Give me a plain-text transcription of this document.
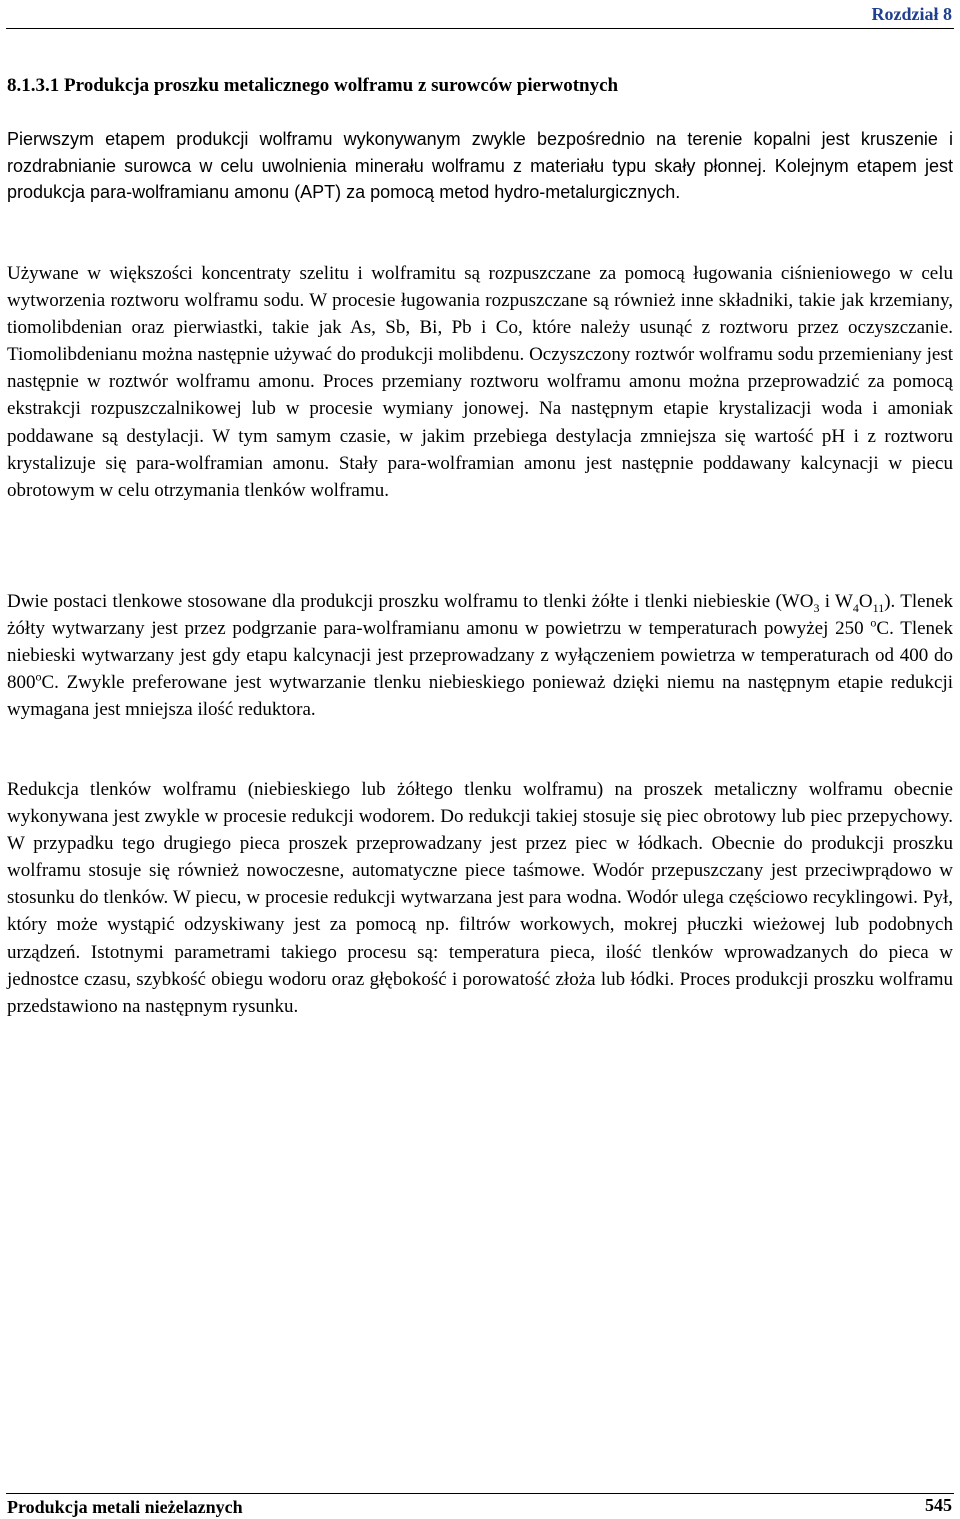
Rozdział 8
8.1.3.1 Produkcja proszku metalicznego wolframu z surowców pierwotnych

Pierwszym etapem produkcji wolframu wykonywanym zwykle bezpośrednio na terenie kopalni jest kruszenie i rozdrabnianie surowca w celu uwolnienia minerału wolframu z materiału typu skały płonnej. Kolejnym etapem jest produkcja para-wolframianu amonu (APT) za pomocą metod hydro-metalurgicznych.

Używane w większości koncentraty szelitu i wolframitu są rozpuszczane za pomocą ługowania ciśnieniowego w celu wytworzenia roztworu wolframu sodu. W procesie ługowania rozpuszczane są również inne składniki, takie jak krzemiany, tiomolibdenian oraz pierwiastki, takie jak As, Sb, Bi, Pb i Co, które należy usunąć z roztworu przez oczyszczanie. Tiomolibdenianu można następnie używać do produkcji molibdenu. Oczyszczony roztwór wolframu sodu przemieniany jest następnie w roztwór wolframu amonu. Proces przemiany roztworu wolframu amonu można przeprowadzić za pomocą ekstrakcji rozpuszczalnikowej lub w procesie wymiany jonowej. Na następnym etapie krystalizacji woda i amoniak poddawane są destylacji. W tym samym czasie, w jakim przebiega destylacja zmniejsza się wartość pH i z roztworu krystalizuje się para-wolframian amonu. Stały para-wolframian amonu jest następnie poddawany kalcynacji w piecu obrotowym w celu otrzymania tlenków wolframu.

Dwie postaci tlenkowe stosowane dla produkcji proszku wolframu to tlenki żółte i tlenki niebieskie ($WO_3$ i $W_4O_{11}$). Tlenek żółty wytwarzany jest przez podgrzanie para-wolframianu amonu w powietrzu w temperaturach powyżej 250 $^o$C. Tlenek niebieski wytwarzany jest gdy etapu kalcynacji jest przeprowadzany z wyłączeniem powietrza w temperaturach od 400 do 800$^o$C. Zwykle preferowane jest wytwarzanie tlenku niebieskiego ponieważ dzięki niemu na następnym etapie redukcji wymagana jest mniejsza ilość reduktora.

Redukcja tlenków wolframu (niebieskiego lub żółtego tlenku wolframu) na proszek metaliczny wolframu obecnie wykonywana jest zwykle w procesie redukcji wodorem. Do redukcji takiej stosuje się piec obrotowy lub piec przepychowy. W przypadku tego drugiego pieca proszek przeprowadzany jest przez piec w łódkach. Obecnie do produkcji proszku wolframu stosuje się również nowoczesne, automatyczne piece taśmowe. Wodór przepuszczany jest przeciwprądowo w stosunku do tlenków. W piecu, w procesie redukcji wytwarzana jest para wodna. Wodór ulega częściowo recyklingowi. Pył, który może wystąpić odzyskiwany jest za pomocą np. filtrów workowych, mokrej płuczki wieżowej lub podobnych urządzeń. Istotnymi parametrami takiego procesu są: temperatura pieca, ilość tlenków wprowadzanych do pieca w jednostce czasu, szybkość obiegu wodoru oraz głębokość i porowatość złoża lub łódki. Proces produkcji proszku wolframu przedstawiono na następnym rysunku.

Produkcja metali nieżelaznych	545
